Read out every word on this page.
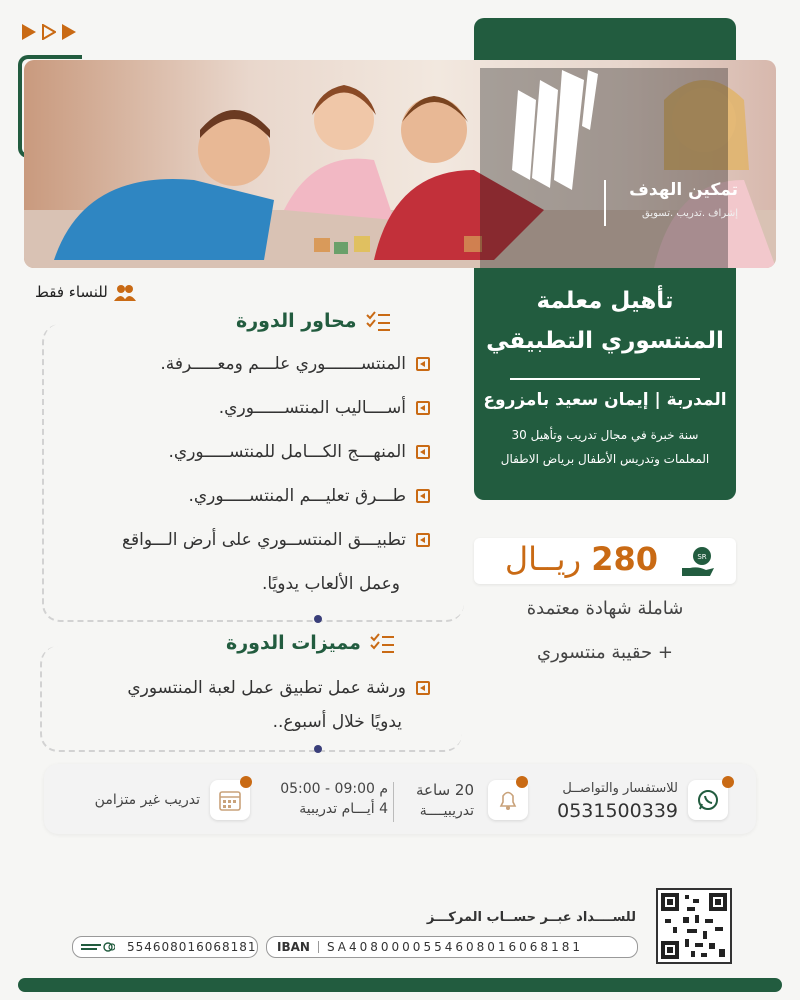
تمكين الهدف
إشراف .تدريب .تسويق
تأهيل معلمة
المنتسوري التطبيقي
المدربة | إيمان سعيد بامزروع
30 سنة خبرة في مجال تدريب وتأهيل
المعلمات وتدريس الأطفال برياض الاطفال
للنساء فقط
محاور الدورة
المنتســـــــوري علـــم ومعـــــرفة.
أســــاليب المنتســــــوري.
المنهـــج الكـــامل للمنتســـــوري.
طـــرق تعليـــم المنتســـــوري.
تطبيـــق المنتســوري على أرض الـــواقع
وعمل الألعاب يدويًا.
مميزات الدورة
ورشة عمل تطبيق عمل لعبة المنتسوري
يدويًا خلال أسبوع..
280 ريــال	SR
شاملة شهادة معتمدة
+ حقيبة منتسوري
للاستفسار والتواصــل
0531500339
20 ساعة
تدريبيــــة
05:00 - 09:00 م
4 أيـــام تدريبية
تدريب غير متزامن
للســــداد عبــر حســاب المركـــز
IBAN SA4080000554608016068181
554608016068181
